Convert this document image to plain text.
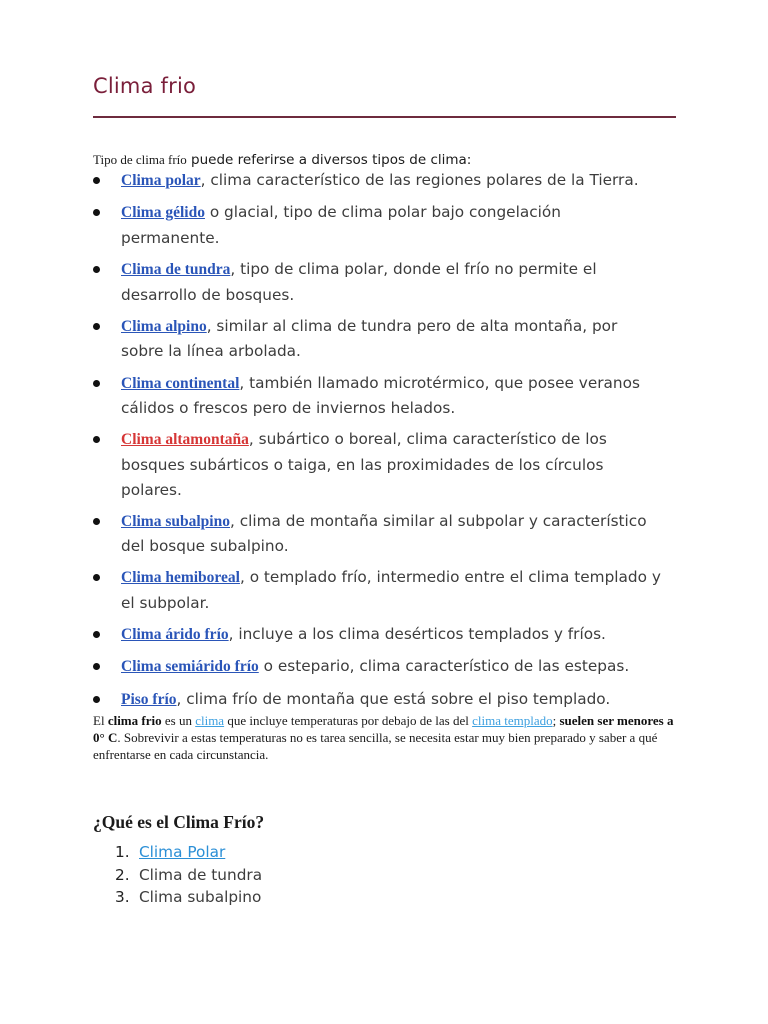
Clima frio

Tipo de clima frío puede referirse a diversos tipos de clima:

Clima polar, clima característico de las regiones polares de la Tierra.
Clima gélido o glacial, tipo de clima polar bajo congelación permanente.
Clima de tundra, tipo de clima polar, donde el frío no permite el desarrollo de bosques.
Clima alpino, similar al clima de tundra pero de alta montaña, por sobre la línea arbolada.
Clima continental, también llamado microtérmico, que posee veranos cálidos o frescos pero de inviernos helados.
Clima altamontaña, subártico o boreal, clima característico de los bosques subárticos o taiga, en las proximidades de los círculos polares.
Clima subalpino, clima de montaña similar al subpolar y característico del bosque subalpino.
Clima hemiboreal, o templado frío, intermedio entre el clima templado y el subpolar.
Clima árido frío, incluye a los clima desérticos templados y fríos.
Clima semiárido frío o estepario, clima característico de las estepas.
Piso frío, clima frío de montaña que está sobre el piso templado.

El clima frio es un clima que incluye temperaturas por debajo de las del clima templado; suelen ser menores a 0° C. Sobrevivir a estas temperaturas no es tarea sencilla, se necesita estar muy bien preparado y saber a qué enfrentarse en cada circunstancia.

¿Qué es el Clima Frío?
1. Clima Polar
2. Clima de tundra
3. Clima subalpino
